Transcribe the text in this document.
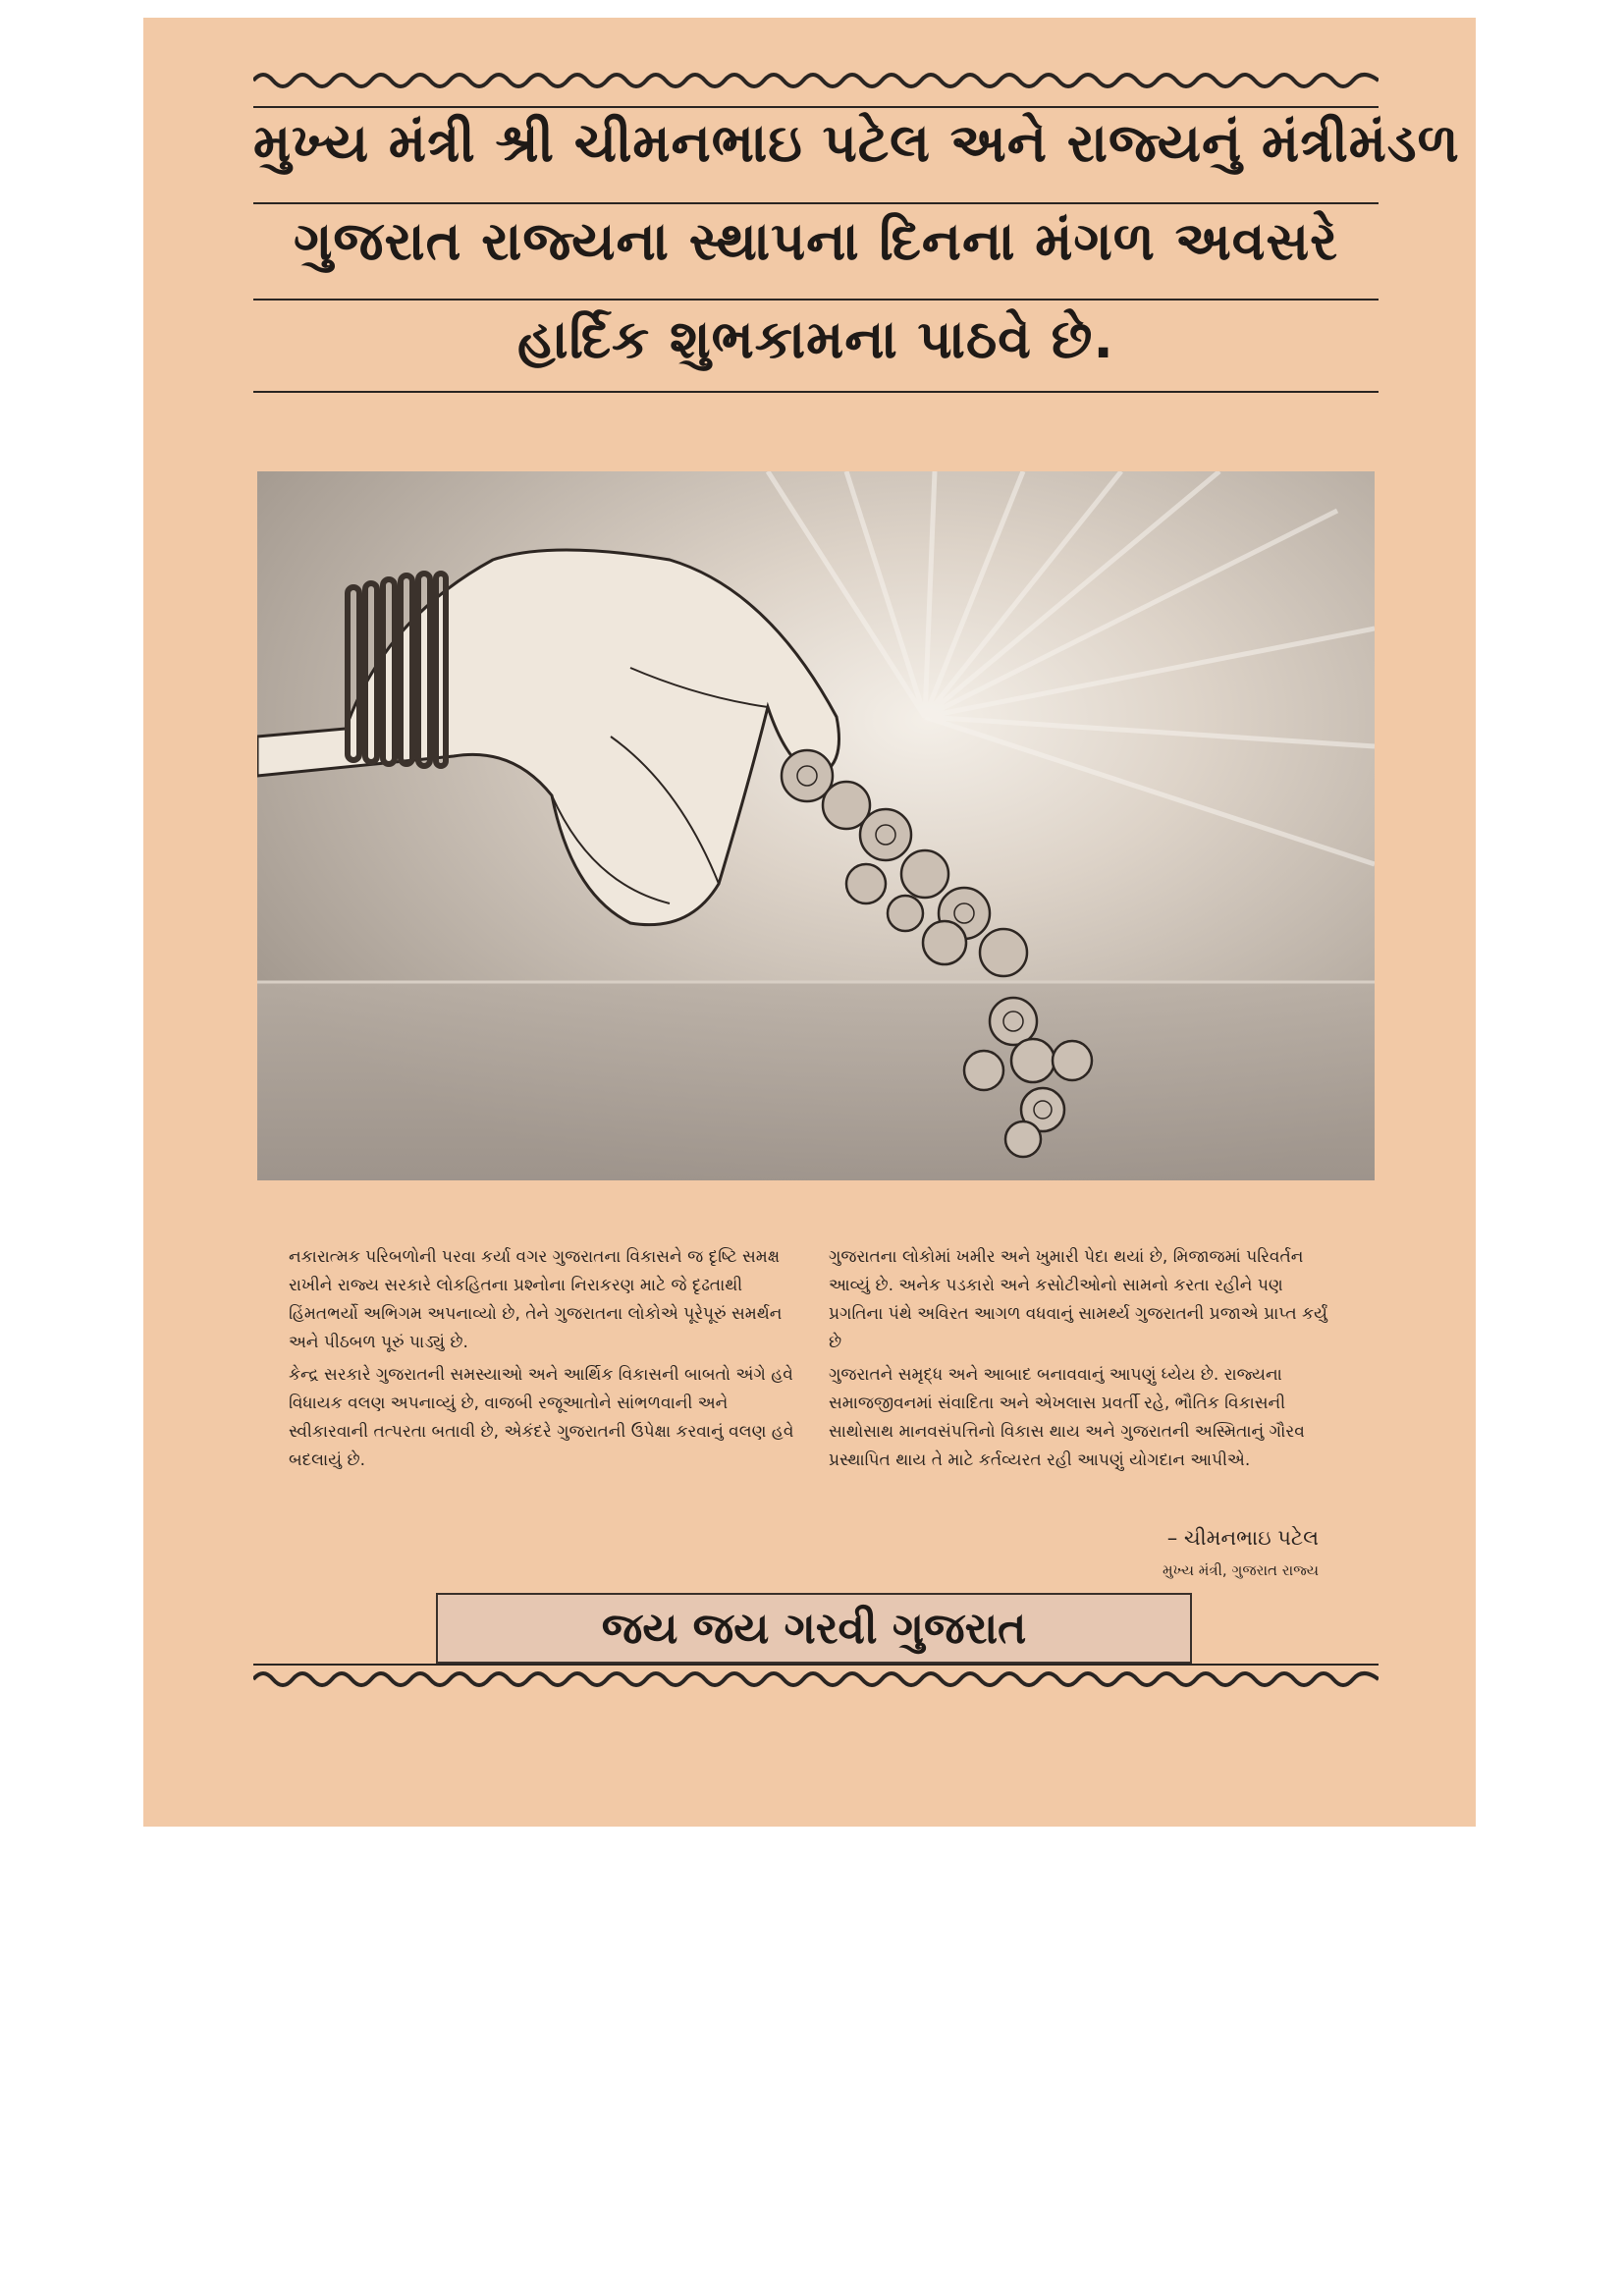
મુખ્ય મંત્રી શ્રી ચીમનભાઇ પટેલ અને રાજ્યનું મંત્રીમંડળ
ગુજરાત રાજ્યના સ્થાપના દિનના મંગળ અવસરે
હાર્દિક શુભકામના પાઠવે છે.

નકારાત્મક પરિબળોની પરવા કર્યા વગર ગુજરાતના વિકાસને જ દૃષ્ટિ સમક્ષ રાખીને રાજ્ય સરકારે લોકહિતના પ્રશ્નોના નિરાકરણ માટે જે દૃઢતાથી હિંમતભર્યો અભિગમ અપનાવ્યો છે, તેને ગુજરાતના લોકોએ પૂરેપૂરું સમર્થન અને પીઠબળ પૂરું પાડ્યું છે.

કેન્દ્ર સરકારે ગુજરાતની સમસ્યાઓ અને આર્થિક વિકાસની બાબતો અંગે હવે વિધાયક વલણ અપનાવ્યું છે, વાજબી રજૂઆતોને સાંભળવાની અને સ્વીકારવાની તત્પરતા બતાવી છે, એકંદરે ગુજરાતની ઉપેક્ષા કરવાનું વલણ હવે બદલાયું છે.

ગુજરાતના લોકોમાં ખમીર અને ખુમારી પેદા થયાં છે, મિજાજમાં પરિવર્તન આવ્યું છે. અનેક પડકારો અને કસોટીઓનો સામનો કરતા રહીને પણ પ્રગતિના પંથે અવિરત આગળ વધવાનું સામર્થ્ય ગુજરાતની પ્રજાએ પ્રાપ્ત કર્યું છે

ગુજરાતને સમૃદ્ધ અને આબાદ બનાવવાનું આપણું ધ્યેય છે. રાજ્યના સમાજજીવનમાં સંવાદિતા અને એખલાસ પ્રવર્તી રહે, ભૌતિક વિકાસની સાથોસાથ માનવસંપત્તિનો વિકાસ થાય અને ગુજરાતની અસ્મિતાનું ગૌરવ પ્રસ્થાપિત થાય તે માટે કર્તવ્યરત રહી આપણું યોગદાન આપીએ.

– ચીમનભાઇ પટેલ
મુખ્ય મંત્રી, ગુજરાત રાજ્ય
જય જય ગરવી ગુજરાત
